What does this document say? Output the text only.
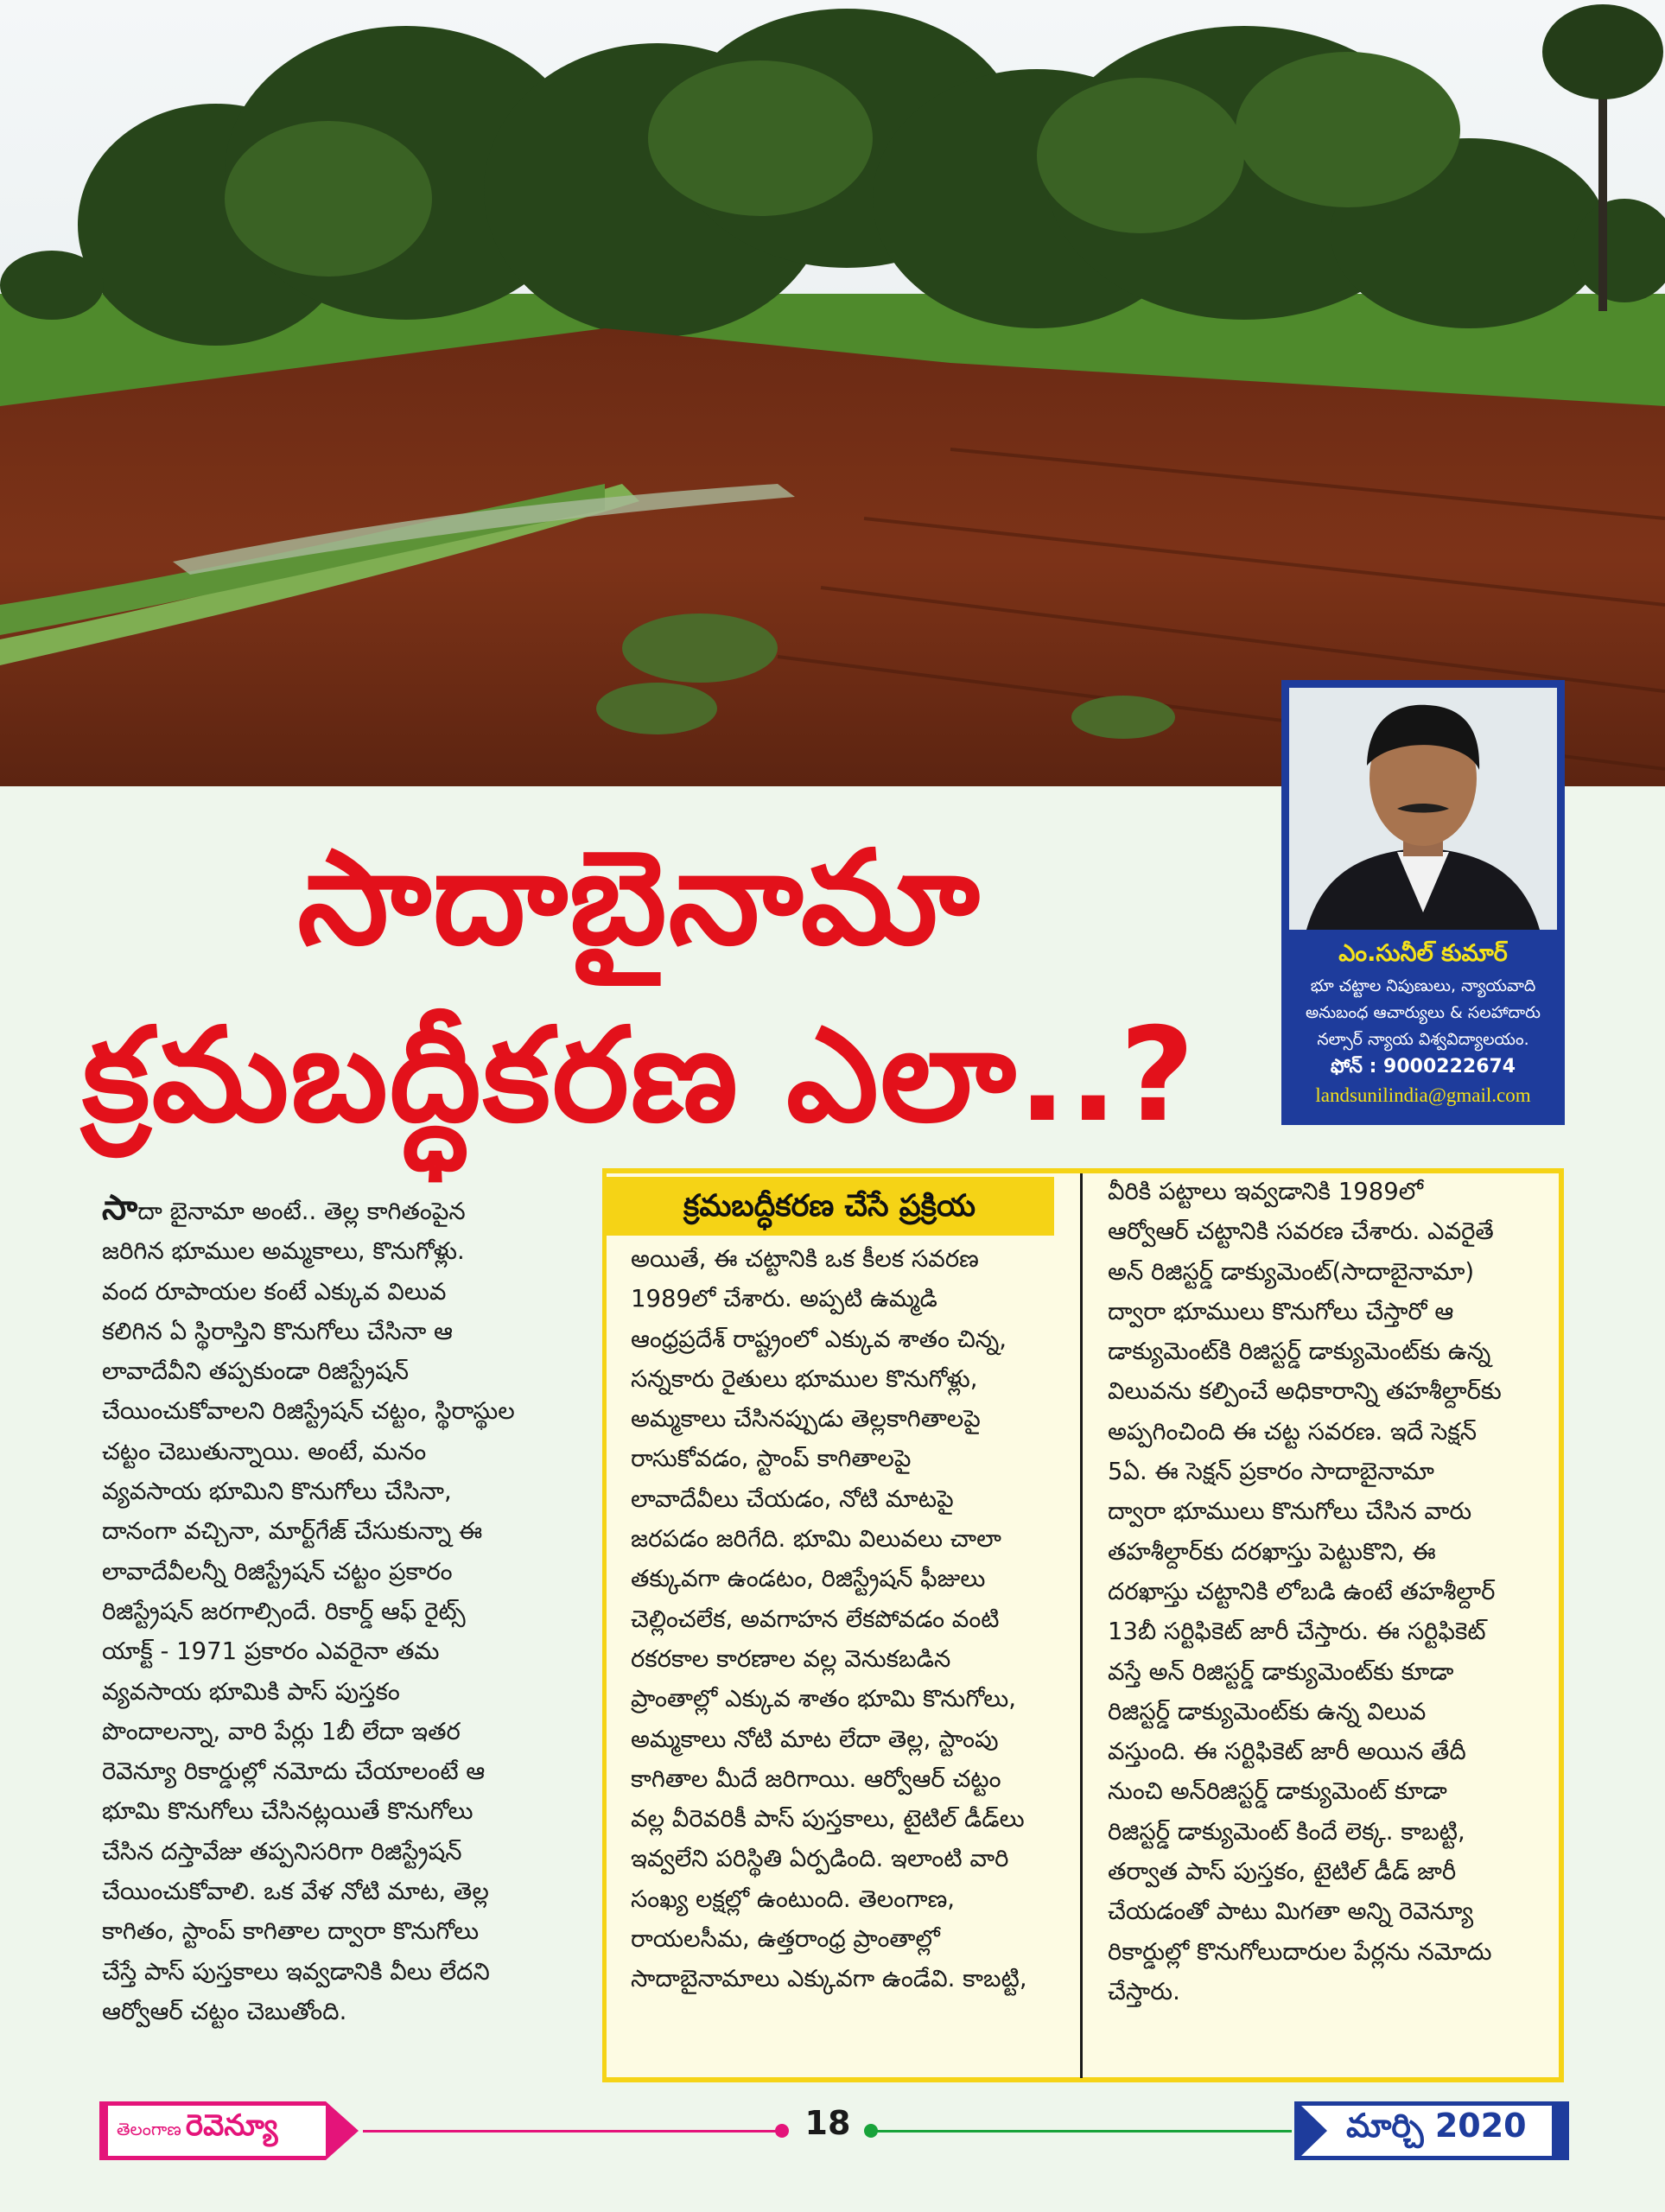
సాదాబైనామా
క్రమబద్ధీకరణ ఎలా..?
ఎం.సునీల్ కుమార్
భూ చట్టాల నిపుణులు, న్యాయవాది
అనుబంధ ఆచార్యులు & సలహాదారు
నల్సార్ న్యాయ విశ్వవిద్యాలయం.
ఫోన్ : 9000222674
landsunilindia@gmail.com

సాదా బైనామా అంటే.. తెల్ల కాగితంపైన

జరిగిన భూముల అమ్మకాలు, కొనుగోళ్లు.

వంద రూపాయల కంటే ఎక్కువ విలువ

కలిగిన ఏ స్థిరాస్తిని కొనుగోలు చేసినా ఆ

లావాదేవీని తప్పకుండా రిజిస్ట్రేషన్

చేయించుకోవాలని రిజిస్ట్రేషన్ చట్టం, స్థిరాస్థుల

చట్టం చెబుతున్నాయి. అంటే, మనం

వ్యవసాయ భూమిని కొనుగోలు చేసినా,

దానంగా వచ్చినా, మార్ట్‌గేజ్ చేసుకున్నా ఈ

లావాదేవీలన్నీ రిజిస్ట్రేషన్ చట్టం ప్రకారం

రిజిస్ట్రేషన్ జరగాల్సిందే. రికార్డ్ ఆఫ్ రైట్స్

యాక్ట్ - 1971 ప్రకారం ఎవరైనా తమ

వ్యవసాయ భూమికి పాస్ పుస్తకం

పొందాలన్నా, వారి పేర్లు 1బీ లేదా ఇతర

రెవెన్యూ రికార్డుల్లో నమోదు చేయాలంటే ఆ

భూమి కొనుగోలు చేసినట్లయితే కొనుగోలు

చేసిన దస్తావేజు తప్పనిసరిగా రిజిస్ట్రేషన్

చేయించుకోవాలి. ఒక వేళ నోటి మాట, తెల్ల

కాగితం, స్టాంప్ కాగితాల ద్వారా కొనుగోలు

చేస్తే పాస్ పుస్తకాలు ఇవ్వడానికి వీలు లేదని

ఆర్వోఆర్ చట్టం చెబుతోంది.

క్రమబద్ధీకరణ చేసే ప్రక్రియ

అయితే, ఈ చట్టానికి ఒక కీలక సవరణ

1989లో చేశారు. అప్పటి ఉమ్మడి

ఆంధ్రప్రదేశ్ రాష్ట్రంలో ఎక్కువ శాతం చిన్న,

సన్నకారు రైతులు భూముల కొనుగోళ్లు,

అమ్మకాలు చేసినప్పుడు తెల్లకాగితాలపై

రాసుకోవడం, స్టాంప్ కాగితాలపై

లావాదేవీలు చేయడం, నోటి మాటపై

జరపడం జరిగేది. భూమి విలువలు చాలా

తక్కువగా ఉండటం, రిజిస్ట్రేషన్ ఫీజులు

చెల్లించలేక, అవగాహన లేకపోవడం వంటి

రకరకాల కారణాల వల్ల వెనుకబడిన

ప్రాంతాల్లో ఎక్కువ శాతం భూమి కొనుగోలు,

అమ్మకాలు నోటి మాట లేదా తెల్ల, స్టాంపు

కాగితాల మీదే జరిగాయి. ఆర్వోఆర్ చట్టం

వల్ల వీరెవరికీ పాస్ పుస్తకాలు, టైటిల్ డీడ్‌లు

ఇవ్వలేని పరిస్థితి ఏర్పడింది. ఇలాంటి వారి

సంఖ్య లక్షల్లో ఉంటుంది. తెలంగాణ,

రాయలసీమ, ఉత్తరాంధ్ర ప్రాంతాల్లో

సాదాబైనామాలు ఎక్కువగా ఉండేవి. కాబట్టి,

వీరికి పట్టాలు ఇవ్వడానికి 1989లో

ఆర్వోఆర్ చట్టానికి సవరణ చేశారు. ఎవరైతే

అన్ రిజిస్టర్డ్ డాక్యుమెంట్(సాదాబైనామా)

ద్వారా భూములు కొనుగోలు చేస్తారో ఆ

డాక్యుమెంట్‌కి రిజిస్టర్డ్ డాక్యుమెంట్‌కు ఉన్న

విలువను కల్పించే అధికారాన్ని తహశీల్దార్‌కు

అప్పగించింది ఈ చట్ట సవరణ. ఇదే సెక్షన్

5ఏ. ఈ సెక్షన్ ప్రకారం సాదాబైనామా

ద్వారా భూములు కొనుగోలు చేసిన వారు

తహశీల్దార్‌కు దరఖాస్తు పెట్టుకొని, ఈ

దరఖాస్తు చట్టానికి లోబడి ఉంటే తహశీల్దార్

13బీ సర్టిఫికెట్ జారీ చేస్తారు. ఈ సర్టిఫికెట్

వస్తే అన్ రిజిస్టర్డ్ డాక్యుమెంట్‌కు కూడా

రిజిస్టర్డ్ డాక్యుమెంట్‌కు ఉన్న విలువ

వస్తుంది. ఈ సర్టిఫికెట్ జారీ అయిన తేదీ

నుంచి అన్‌రిజిస్టర్డ్ డాక్యుమెంట్ కూడా

రిజిస్టర్డ్ డాక్యుమెంట్ కిందే లెక్క. కాబట్టి,

తర్వాత పాస్ పుస్తకం, టైటిల్ డీడ్ జారీ

చేయడంతో పాటు మిగతా అన్ని రెవెన్యూ

రికార్డుల్లో కొనుగోలుదారుల పేర్లను నమోదు

చేస్తారు.

తెలంగాణ రెవెన్యూ	18	మార్చి 2020
